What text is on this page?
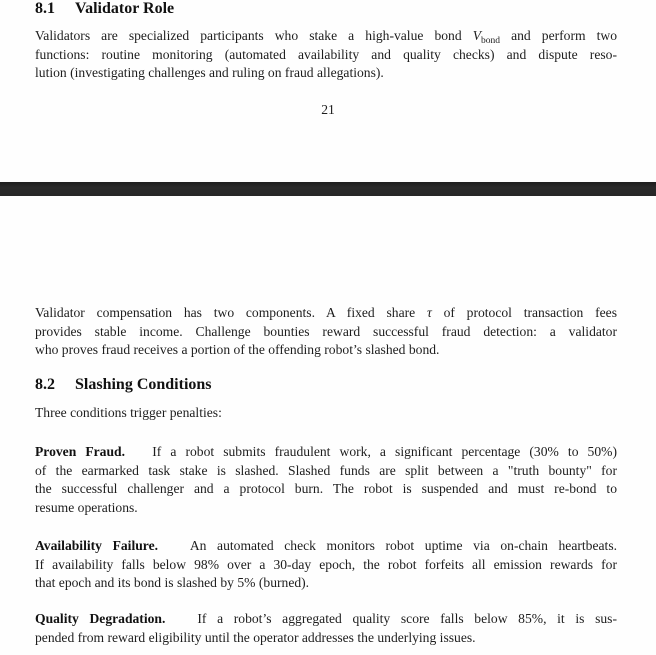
8.1 Validator Role
Validators are specialized participants who stake a high-value bond $V_{bond}$ and perform two
functions: routine monitoring (automated availability and quality checks) and dispute reso-
lution (investigating challenges and ruling on fraud allegations).
21
Validator compensation has two components. A fixed share τ of protocol transaction fees
provides stable income. Challenge bounties reward successful fraud detection: a validator
who proves fraud receives a portion of the offending robot’s slashed bond.
8.2 Slashing Conditions
Three conditions trigger penalties:
Proven Fraud. If a robot submits fraudulent work, a significant percentage (30% to 50%)
of the earmarked task stake is slashed. Slashed funds are split between a "truth bounty" for
the successful challenger and a protocol burn. The robot is suspended and must re-bond to
resume operations.
Availability Failure. An automated check monitors robot uptime via on-chain heartbeats.
If availability falls below 98% over a 30-day epoch, the robot forfeits all emission rewards for
that epoch and its bond is slashed by 5% (burned).
Quality Degradation. If a robot’s aggregated quality score falls below 85%, it is sus-
pended from reward eligibility until the operator addresses the underlying issues.
